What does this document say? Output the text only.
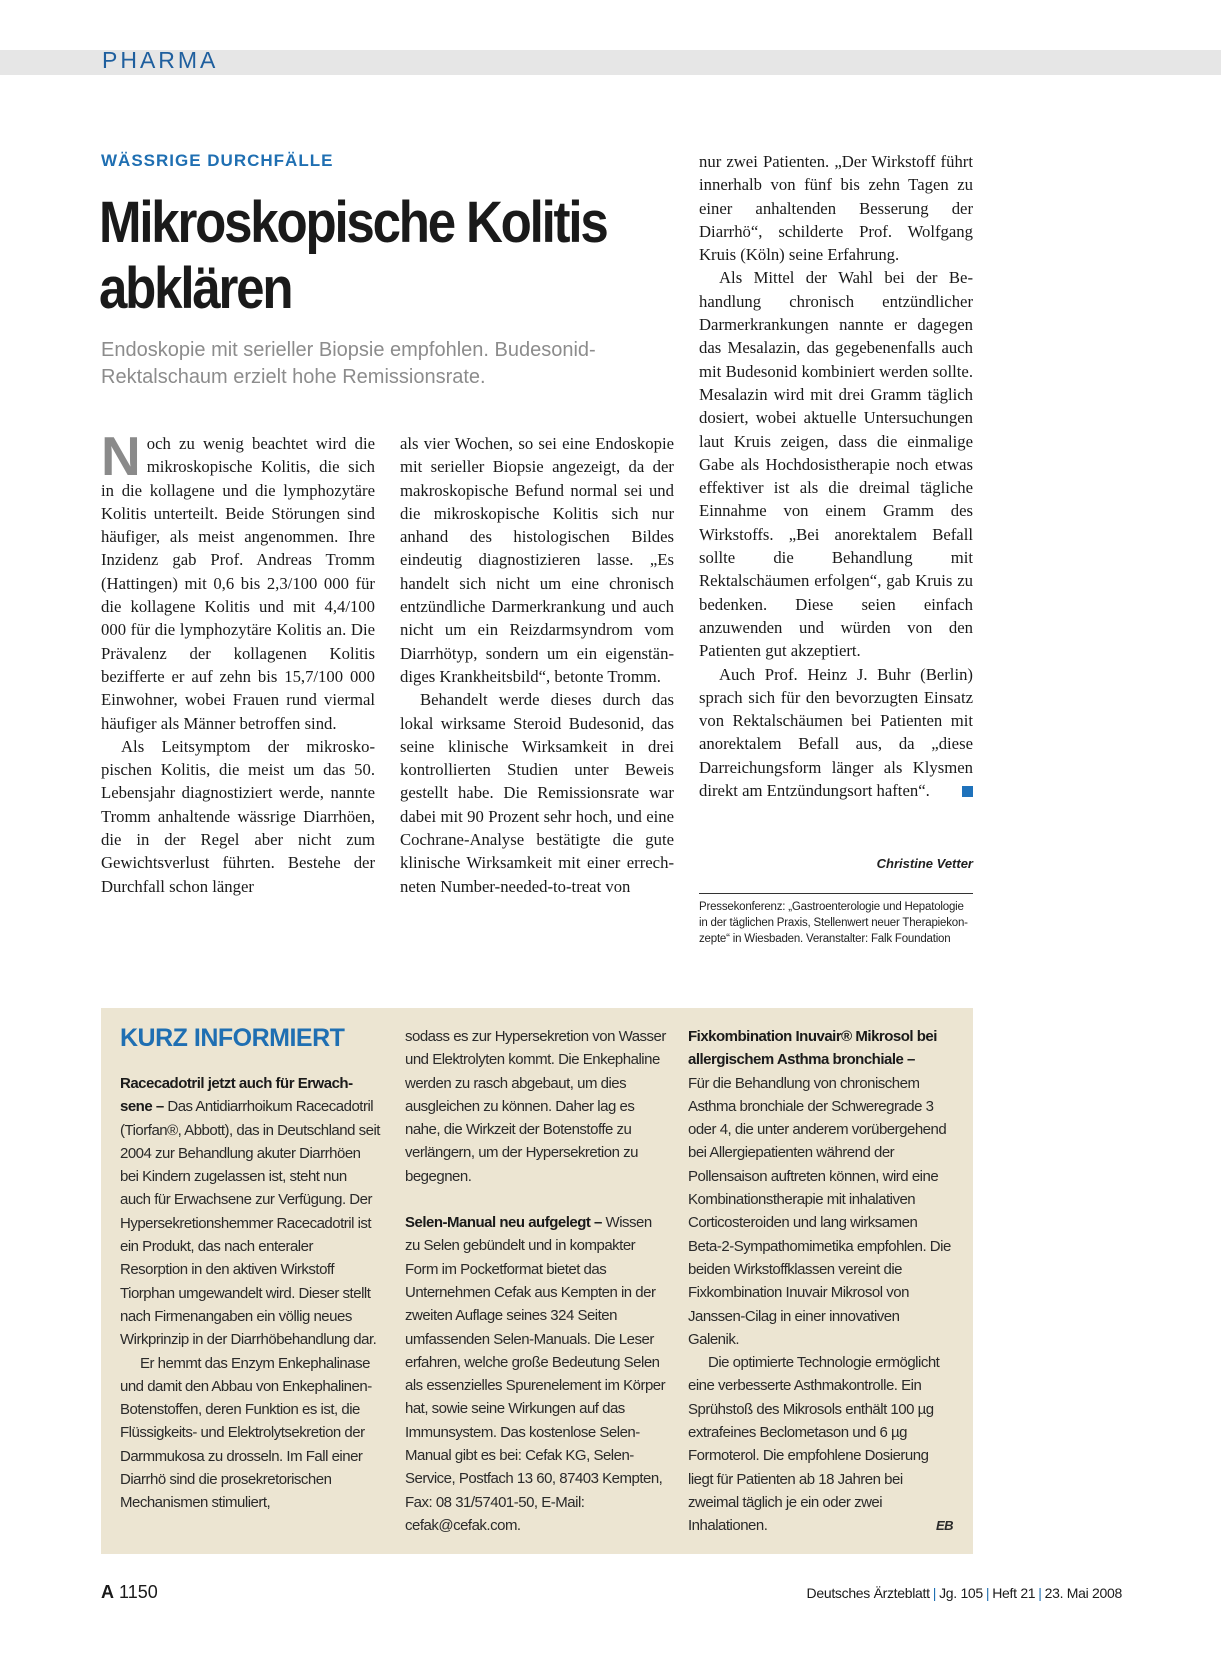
PHARMA
WÄSSRIGE DURCHFÄLLE
Mikroskopische Kolitis
abklären
Endoskopie mit serieller Biopsie empfohlen. Budesonid-
Rektalschaum erzielt hohe Remissionsrate.

Noch zu wenig beachtet wird die mikroskopische Kolitis, die sich in die kollagene und die lymphozytäre Kolitis unterteilt. Beide Störungen sind häufiger, als meist angenommen. Ihre Inzidenz gab Prof. Andreas Tromm (Hattingen) mit 0,6 bis 2,3/100 000 für die kollagene Kolitis und mit 4,4/100 000 für die lymphozytäre Kolitis an. Die Prävalenz der kollagenen Kolitis bezifferte er auf zehn bis 15,7/100 000 Einwohner, wobei Frauen rund viermal häufiger als Männer betroffen sind.

Als Leitsymptom der mikroskopischen Kolitis, die meist um das 50. Lebensjahr diagnostiziert werde, nannte Tromm anhaltende wässrige Diarrhöen, die in der Regel aber nicht zum Gewichtsverlust führten. Bestehe der Durchfall schon länger

als vier Wochen, so sei eine Endoskopie mit serieller Biopsie angezeigt, da der makroskopische Befund normal sei und die mikroskopische Kolitis sich nur anhand des histologischen Bildes eindeutig diagnostizieren lasse. „Es handelt sich nicht um eine chronisch entzündliche Darmerkrankung und auch nicht um ein Reizdarmsyndrom vom Diarrhötyp, sondern um ein eigenständiges Krankheitsbild“, betonte Tromm.

Behandelt werde dieses durch das lokal wirksame Steroid Budesonid, das seine klinische Wirksamkeit in drei kontrollierten Studien unter Beweis gestellt habe. Die Remissionsrate war dabei mit 90 Prozent sehr hoch, und eine Cochrane-Analyse bestätigte die gute klinische Wirksamkeit mit einer errechneten Number-needed-to-treat von

nur zwei Patienten. „Der Wirkstoff führt innerhalb von fünf bis zehn Tagen zu einer anhaltenden Besserung der Diarrhö“, schilderte Prof. Wolfgang Kruis (Köln) seine Erfahrung.

Als Mittel der Wahl bei der Behandlung chronisch entzündlicher Darmerkrankungen nannte er dagegen das Mesalazin, das gegebenenfalls auch mit Budesonid kombiniert werden sollte. Mesalazin wird mit drei Gramm täglich dosiert, wobei aktuelle Untersuchungen laut Kruis zeigen, dass die einmalige Gabe als Hochdosistherapie noch etwas effektiver ist als die dreimal tägliche Einnahme von einem Gramm des Wirkstoffs. „Bei anorektalem Befall sollte die Behandlung mit Rektalschäumen erfolgen“, gab Kruis zu bedenken. Diese seien einfach anzuwenden und würden von den Patienten gut akzeptiert.

Auch Prof. Heinz J. Buhr (Berlin) sprach sich für den bevorzugten Einsatz von Rektalschäumen bei Patienten mit anorektalem Befall aus, da „diese Darreichungsform länger als Klysmen direkt am Entzündungsort haften“.

Christine Vetter
Pressekonferenz: „Gastroenterologie und Hepatologie in der täglichen Praxis, Stellenwert neuer Therapiekonzepte“ in Wiesbaden. Veranstalter: Falk Foundation
KURZ INFORMIERT

Racecadotril jetzt auch für Erwachsene – Das Antidiarrhoikum Racecadotril (Tiorfan®, Abbott), das in Deutschland seit 2004 zur Behandlung akuter Diarrhöen bei Kindern zugelassen ist, steht nun auch für Erwachsene zur Verfügung. Der Hypersekretionshemmer Racecadotril ist ein Produkt, das nach enteraler Resorption in den aktiven Wirkstoff Tiorphan umgewandelt wird. Dieser stellt nach Firmenangaben ein völlig neues Wirkprinzip in der Diarrhöbehandlung dar.

Er hemmt das Enzym Enkephalinase und damit den Abbau von Enkephalinen-Botenstoffen, deren Funktion es ist, die Flüssigkeits- und Elektrolytsekretion der Darmmukosa zu drosseln. Im Fall einer Diarrhö sind die prosekretorischen Mechanismen stimuliert,

sodass es zur Hypersekretion von Wasser und Elektrolyten kommt. Die Enkephaline werden zu rasch abgebaut, um dies ausgleichen zu können. Daher lag es nahe, die Wirkzeit der Botenstoffe zu verlängern, um der Hypersekretion zu begegnen.

Selen-Manual neu aufgelegt – Wissen zu Selen gebündelt und in kompakter Form im Pocketformat bietet das Unternehmen Cefak aus Kempten in der zweiten Auflage seines 324 Seiten umfassenden Selen-Manuals. Die Leser erfahren, welche große Bedeutung Selen als essenzielles Spurenelement im Körper hat, sowie seine Wirkungen auf das Immunsystem. Das kostenlose Selen-Manual gibt es bei: Cefak KG, Selen-Service, Postfach 13 60, 87403 Kempten, Fax: 08 31/57401-50, E-Mail: cefak@cefak.com.

Fixkombination Inuvair® Mikrosol bei allergischem Asthma bronchiale –
Für die Behandlung von chronischem Asthma bronchiale der Schweregrade 3 oder 4, die unter anderem vorübergehend bei Allergiepatienten während der Pollensaison auftreten können, wird eine Kombinationstherapie mit inhalativen Corticosteroiden und lang wirksamen Beta-2-Sympathomimetika empfohlen. Die beiden Wirkstoffklassen vereint die Fixkombination Inuvair Mikrosol von Janssen-Cilag in einer innovativen Galenik.

Die optimierte Technologie ermöglicht eine verbesserte Asthmakontrolle. Ein Sprühstoß des Mikrosols enthält 100 µg extrafeines Beclometason und 6 µg Formoterol. Die empfohlene Dosierung liegt für Patienten ab 18 Jahren bei zweimal täglich je ein oder zwei Inhalationen.	EB

A 1150	Deutsches Ärzteblatt | Jg. 105 | Heft 21 | 23. Mai 2008
